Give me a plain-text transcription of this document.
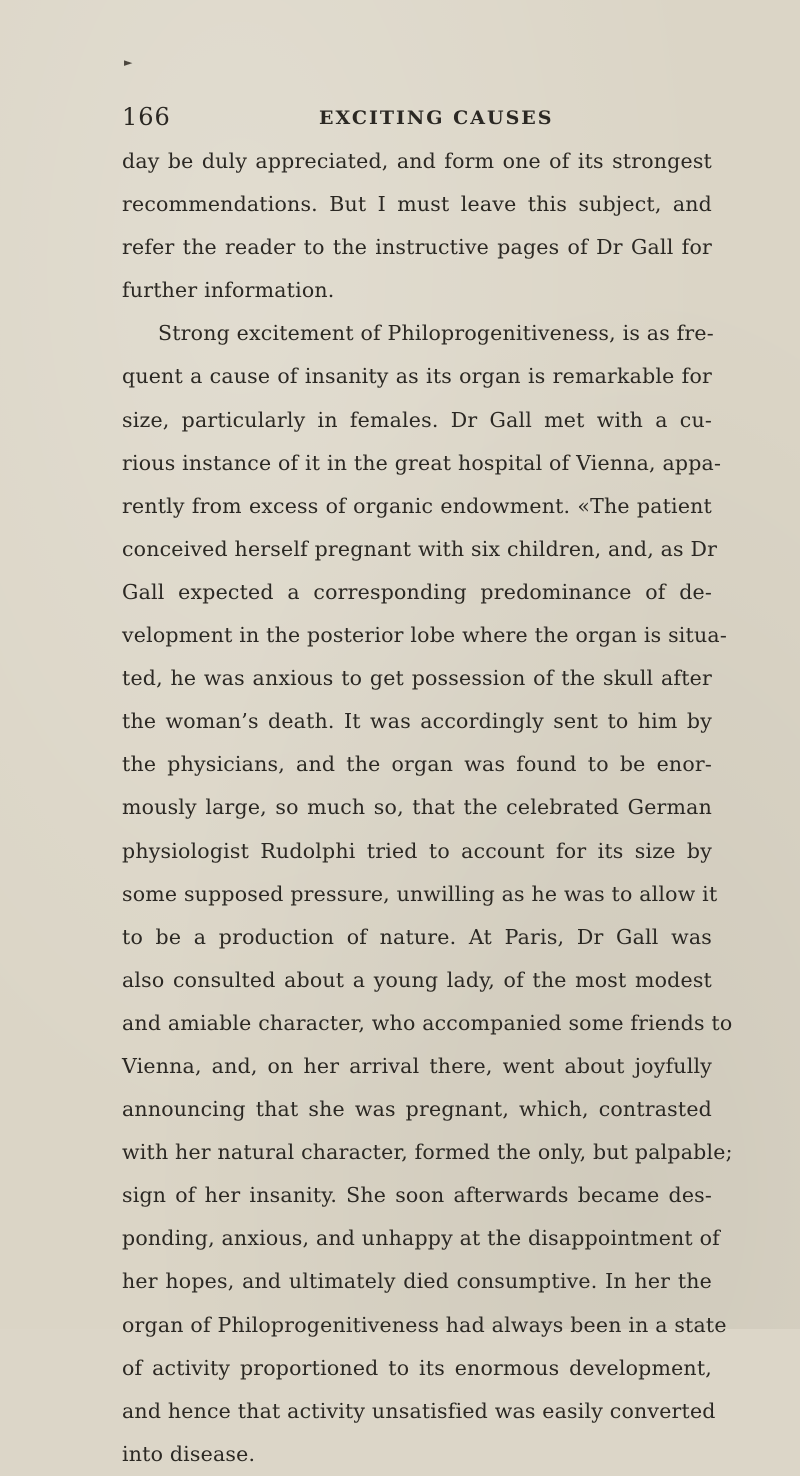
►
166	EXCITING CAUSES
day be duly appreciated, and form one of its strongest
recommendations. But I must leave this subject, and
refer the reader to the instructive pages of Dr Gall for
further information.
Strong excitement of Philoprogenitiveness, is as fre-
quent a cause of insanity as its organ is remarkable for
size, particularly in females. Dr Gall met with a cu-
rious instance of it in the great hospital of Vienna, appa-
rently from excess of organic endowment. «The patient
conceived herself pregnant with six children, and, as Dr
Gall expected a corresponding predominance of de-
velopment in the posterior lobe where the organ is situa-
ted, he was anxious to get possession of the skull after
the woman’s death. It was accordingly sent to him by
the physicians, and the organ was found to be enor-
mously large, so much so, that the celebrated German
physiologist Rudolphi tried to account for its size by
some supposed pressure, unwilling as he was to allow it
to be a production of nature. At Paris, Dr Gall was
also consulted about a young lady, of the most modest
and amiable character, who accompanied some friends to
Vienna, and, on her arrival there, went about joyfully
announcing that she was pregnant, which, contrasted
with her natural character, formed the only, but palpable;
sign of her insanity. She soon afterwards became des-
ponding, anxious, and unhappy at the disappointment of
her hopes, and ultimately died consumptive. In her the
organ of Philoprogenitiveness had always been in a state
of activity proportioned to its enormous development,
and hence that activity unsatisfied was easily converted
into disease.
